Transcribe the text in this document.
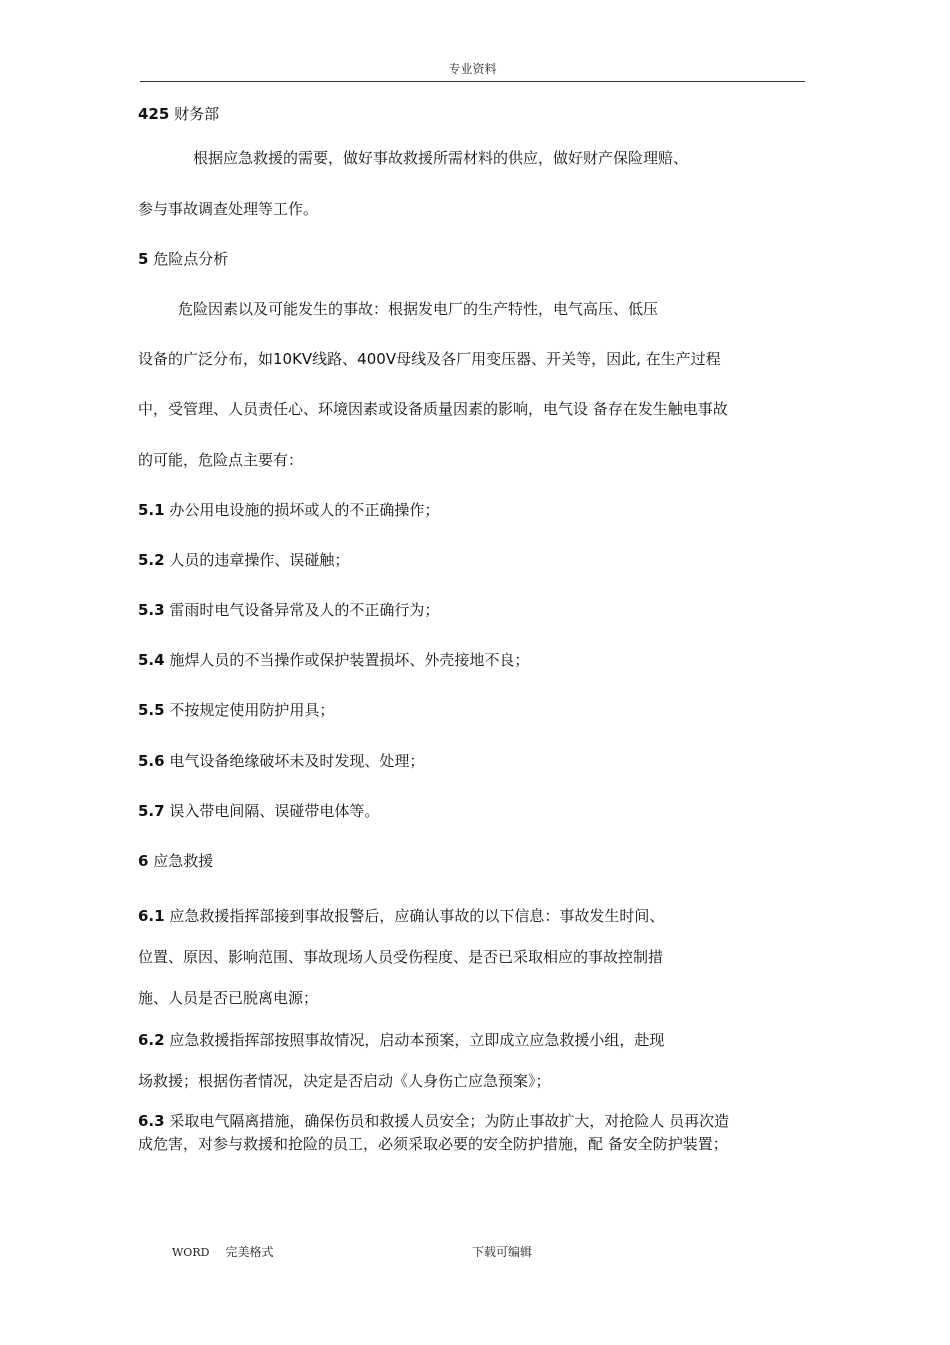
专业资料
425 财务部
根据应急救援的需要，做好事故救援所需材料的供应，做好财产保险理赔、
参与事故调查处理等工作。
5 危险点分析
危险因素以及可能发生的事故：根据发电厂的生产特性，电气高压、低压
设备的广泛分布，如10KV线路、400V母线及各厂用变压器、开关等，因此, 在生产过程
中，受管理、人员责任心、环境因素或设备质量因素的影响，电气设 备存在发生触电事故
的可能，危险点主要有：
5.1 办公用电设施的损坏或人的不正确操作；
5.2 人员的违章操作、误碰触；
5.3 雷雨时电气设备异常及人的不正确行为；
5.4 施焊人员的不当操作或保护装置损坏、外壳接地不良；
5.5 不按规定使用防护用具；
5.6 电气设备绝缘破坏未及时发现、处理；
5.7 误入带电间隔、误碰带电体等。
6 应急救援
6.1 应急救援指挥部接到事故报警后，应确认事故的以下信息：事故发生时间、
位置、原因、影响范围、事故现场人员受伤程度、是否已采取相应的事故控制措
施、人员是否已脱离电源；
6.2 应急救援指挥部按照事故情况，启动本预案，立即成立应急救援小组，赴现
场救援；根据伤者情况，决定是否启动《人身伤亡应急预案》；
6.3 采取电气隔离措施，确保伤员和救援人员安全；为防止事故扩大，对抢险人 员再次造
成危害，对参与救援和抢险的员工，必须采取必要的安全防护措施，配 备安全防护装置；
WORD 完美格式	下载可编辑
